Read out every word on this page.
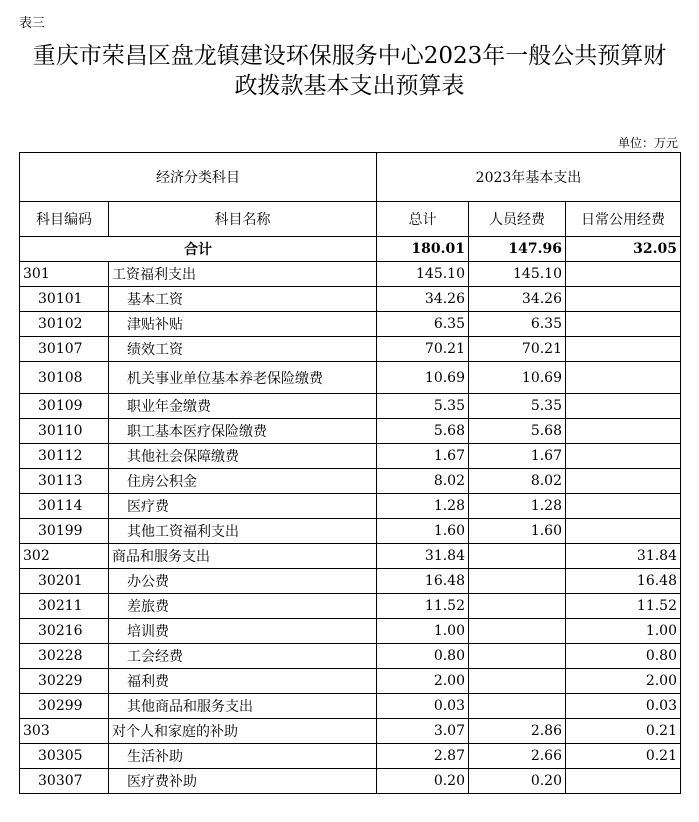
表三
重庆市荣昌区盘龙镇建设环保服务中心2023年一般公共预算财
政拨款基本支出预算表
单位：万元
经济分类科目		2023年基本支出		
科目编码	科目名称	总计	人员经费	日常公用经费
合计		180.01	147.96	32.05
301	工资福利支出	145.10	145.10	
30101	基本工资	34.26	34.26	
30102	津贴补贴	6.35	6.35	
30107	绩效工资	70.21	70.21	
30108	机关事业单位基本养老保险缴费	10.69	10.69	
30109	职业年金缴费	5.35	5.35	
30110	职工基本医疗保险缴费	5.68	5.68	
30112	其他社会保障缴费	1.67	1.67	
30113	住房公积金	8.02	8.02	
30114	医疗费	1.28	1.28	
30199	其他工资福利支出	1.60	1.60	
302	商品和服务支出	31.84		31.84
30201	办公费	16.48		16.48
30211	差旅费	11.52		11.52
30216	培训费	1.00		1.00
30228	工会经费	0.80		0.80
30229	福利费	2.00		2.00
30299	其他商品和服务支出	0.03		0.03
303	对个人和家庭的补助	3.07	2.86	0.21
30305	生活补助	2.87	2.66	0.21
30307	医疗费补助	0.20	0.20	
